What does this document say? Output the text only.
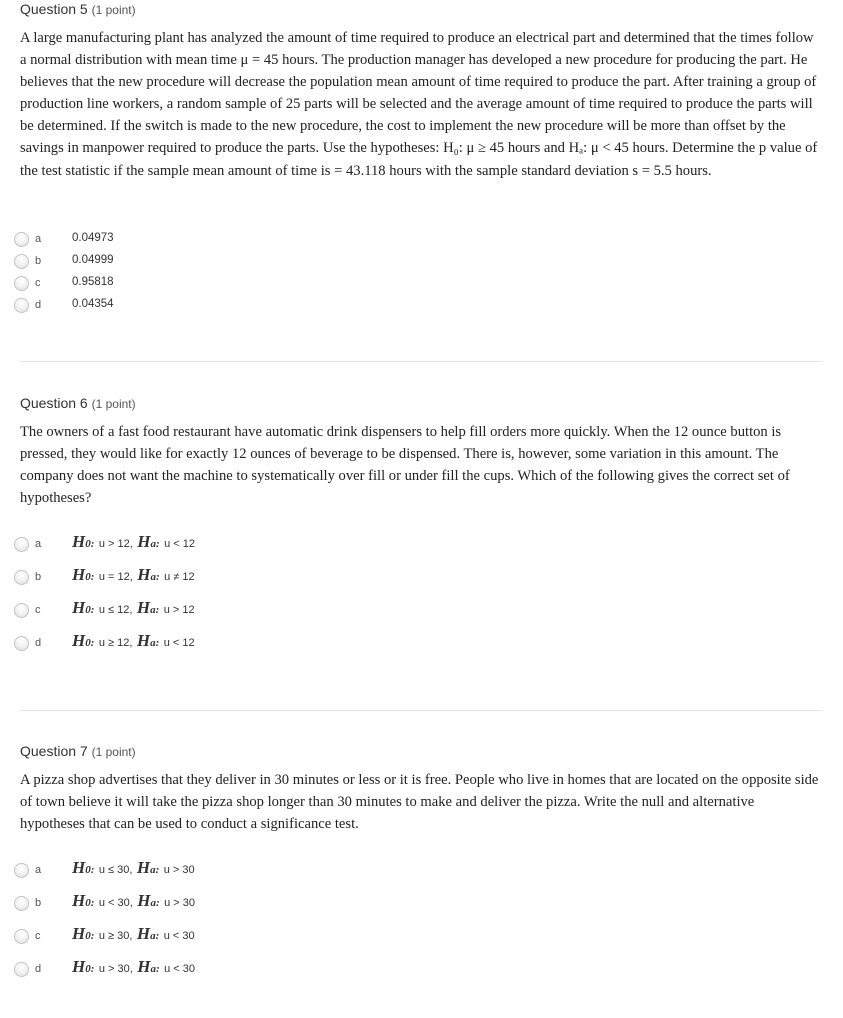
Question 5 (1 point)
A large manufacturing plant has analyzed the amount of time required to produce an electrical part and determined that the times follow a normal distribution with mean time μ = 45 hours. The production manager has developed a new procedure for producing the part. He believes that the new procedure will decrease the population mean amount of time required to produce the part. After training a group of production line workers, a random sample of 25 parts will be selected and the average amount of time required to produce the parts will be determined. If the switch is made to the new procedure, the cost to implement the new procedure will be more than offset by the savings in manpower required to produce the parts. Use the hypotheses: H₀: μ ≥ 45 hours and Hₐ: μ < 45 hours. Determine the p value of the test statistic if the sample mean amount of time is = 43.118 hours with the sample standard deviation s = 5.5 hours.
a	0.04973
b	0.04999
c	0.95818
d	0.04354
Question 6 (1 point)
The owners of a fast food restaurant have automatic drink dispensers to help fill orders more quickly. When the 12 ounce button is pressed, they would like for exactly 12 ounces of beverage to be dispensed. There is, however, some variation in this amount. The company does not want the machine to systematically over fill or under fill the cups. Which of the following gives the correct set of hypotheses?
a H0: u > 12, Ha: u < 12
b H0: u = 12, Ha: u ≠ 12
c H0: u ≤ 12, Ha: u > 12
d H0: u ≥ 12, Ha: u < 12
Question 7 (1 point)
A pizza shop advertises that they deliver in 30 minutes or less or it is free. People who live in homes that are located on the opposite side of town believe it will take the pizza shop longer than 30 minutes to make and deliver the pizza. Write the null and alternative hypotheses that can be used to conduct a significance test.
a H0: u ≤ 30, Ha: u > 30
b H0: u < 30, Ha: u > 30
c H0: u ≥ 30, Ha: u < 30
d H0: u > 30, Ha: u < 30
